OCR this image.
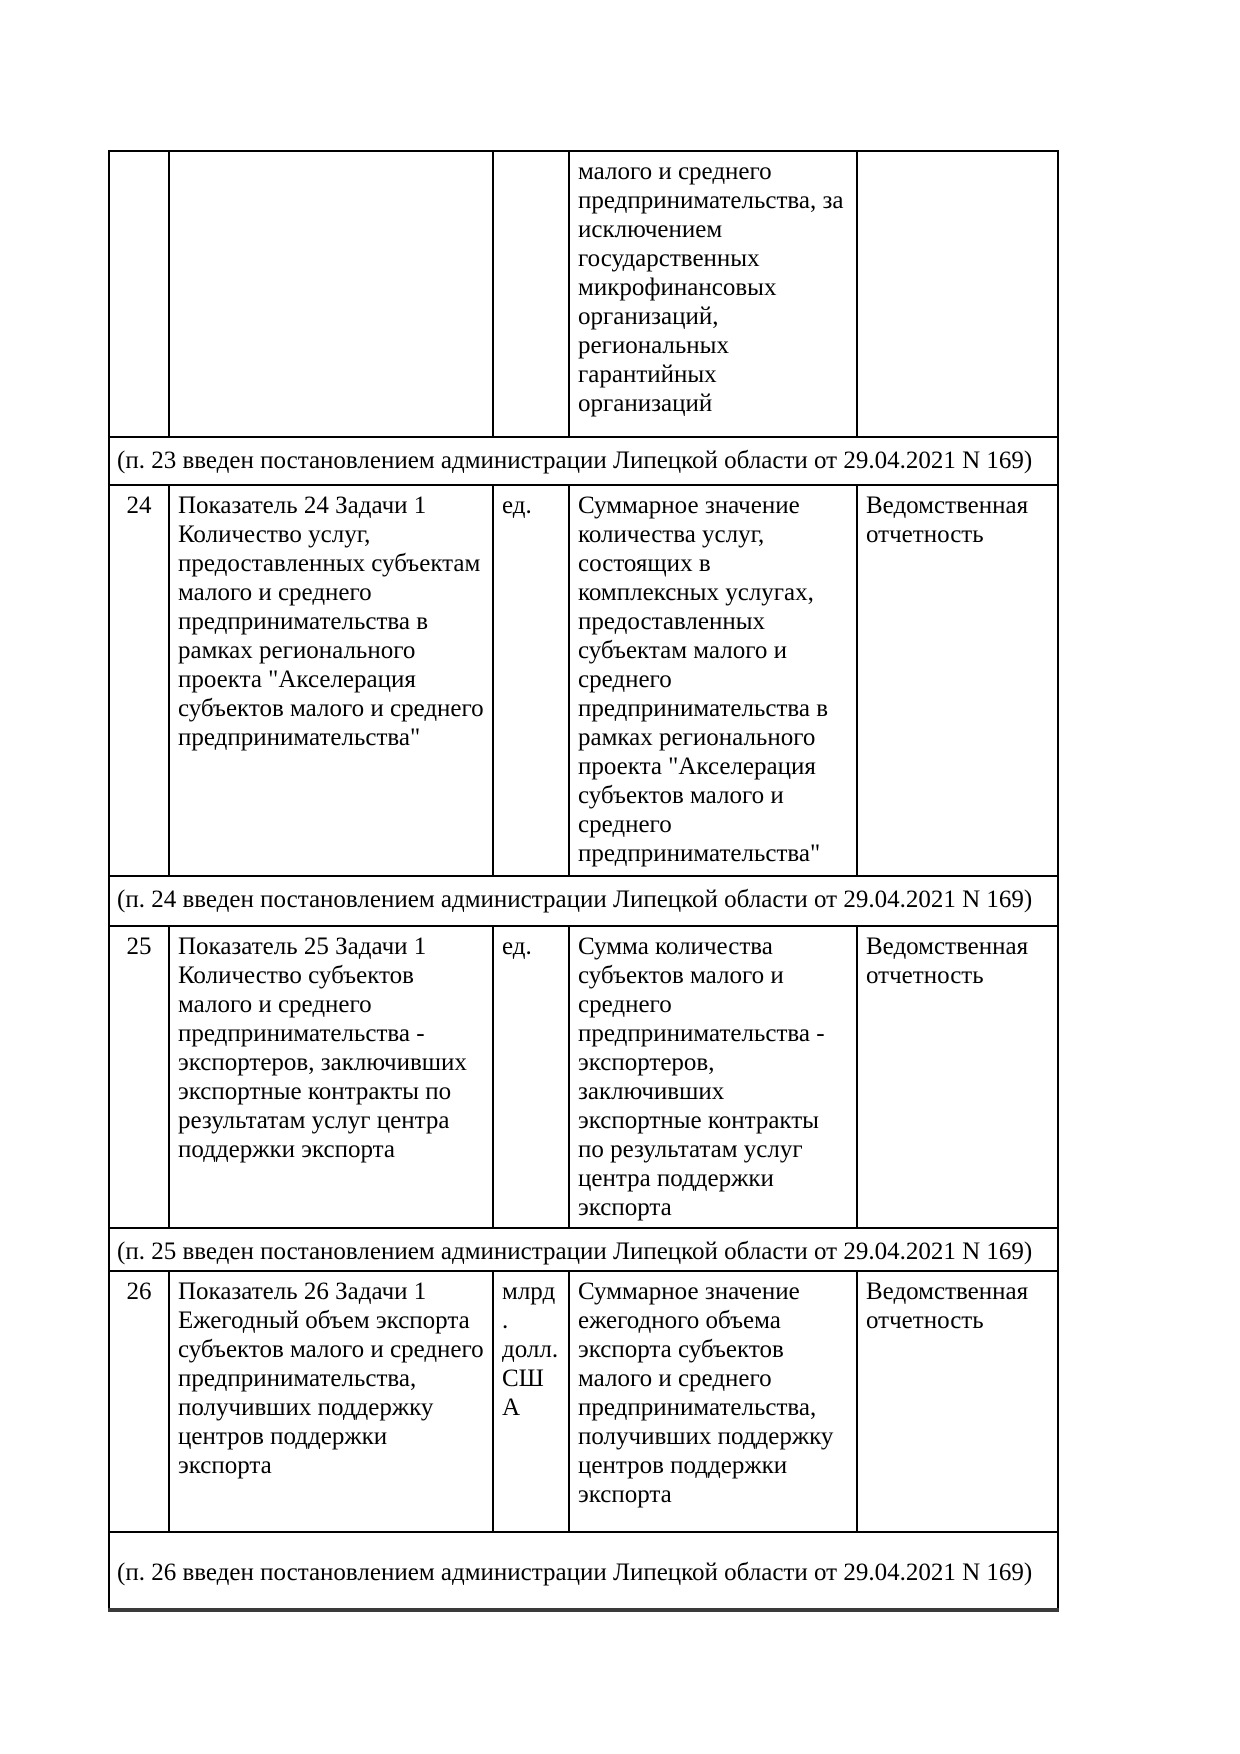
			малого и среднего предпринимательства, за исключением государственных микрофинансовых организаций, региональных гарантийных организаций	
(п. 23 введен постановлением администрации Липецкой области от 29.04.2021 N 169)				
24	Показатель 24 Задачи 1 Количество услуг, предоставленных субъектам малого и среднего предпринимательства в рамках регионального проекта "Акселерация субъектов малого и среднего предпринимательства"	ед.	Суммарное значение количества услуг, состоящих в комплексных услугах, предоставленных субъектам малого и среднего предпринимательства в рамках регионального проекта "Акселерация субъектов малого и среднего предпринимательства"	Ведомственная отчетность
(п. 24 введен постановлением администрации Липецкой области от 29.04.2021 N 169)				
25	Показатель 25 Задачи 1 Количество субъектов малого и среднего предпринимательства - экспортеров, заключивших экспортные контракты по результатам услуг центра поддержки экспорта	ед.	Сумма количества субъектов малого и среднего предпринимательства - экспортеров, заключивших экспортные контракты по результатам услуг центра поддержки экспорта	Ведомственная отчетность
(п. 25 введен постановлением администрации Липецкой области от 29.04.2021 N 169)				
26	Показатель 26 Задачи 1 Ежегодный объем экспорта субъектов малого и среднего предпринимательства, получивших поддержку центров поддержки экспорта	млрд. долл. США	Суммарное значение ежегодного объема экспорта субъектов малого и среднего предпринимательства, получивших поддержку центров поддержки экспорта	Ведомственная отчетность
(п. 26 введен постановлением администрации Липецкой области от 29.04.2021 N 169)				
